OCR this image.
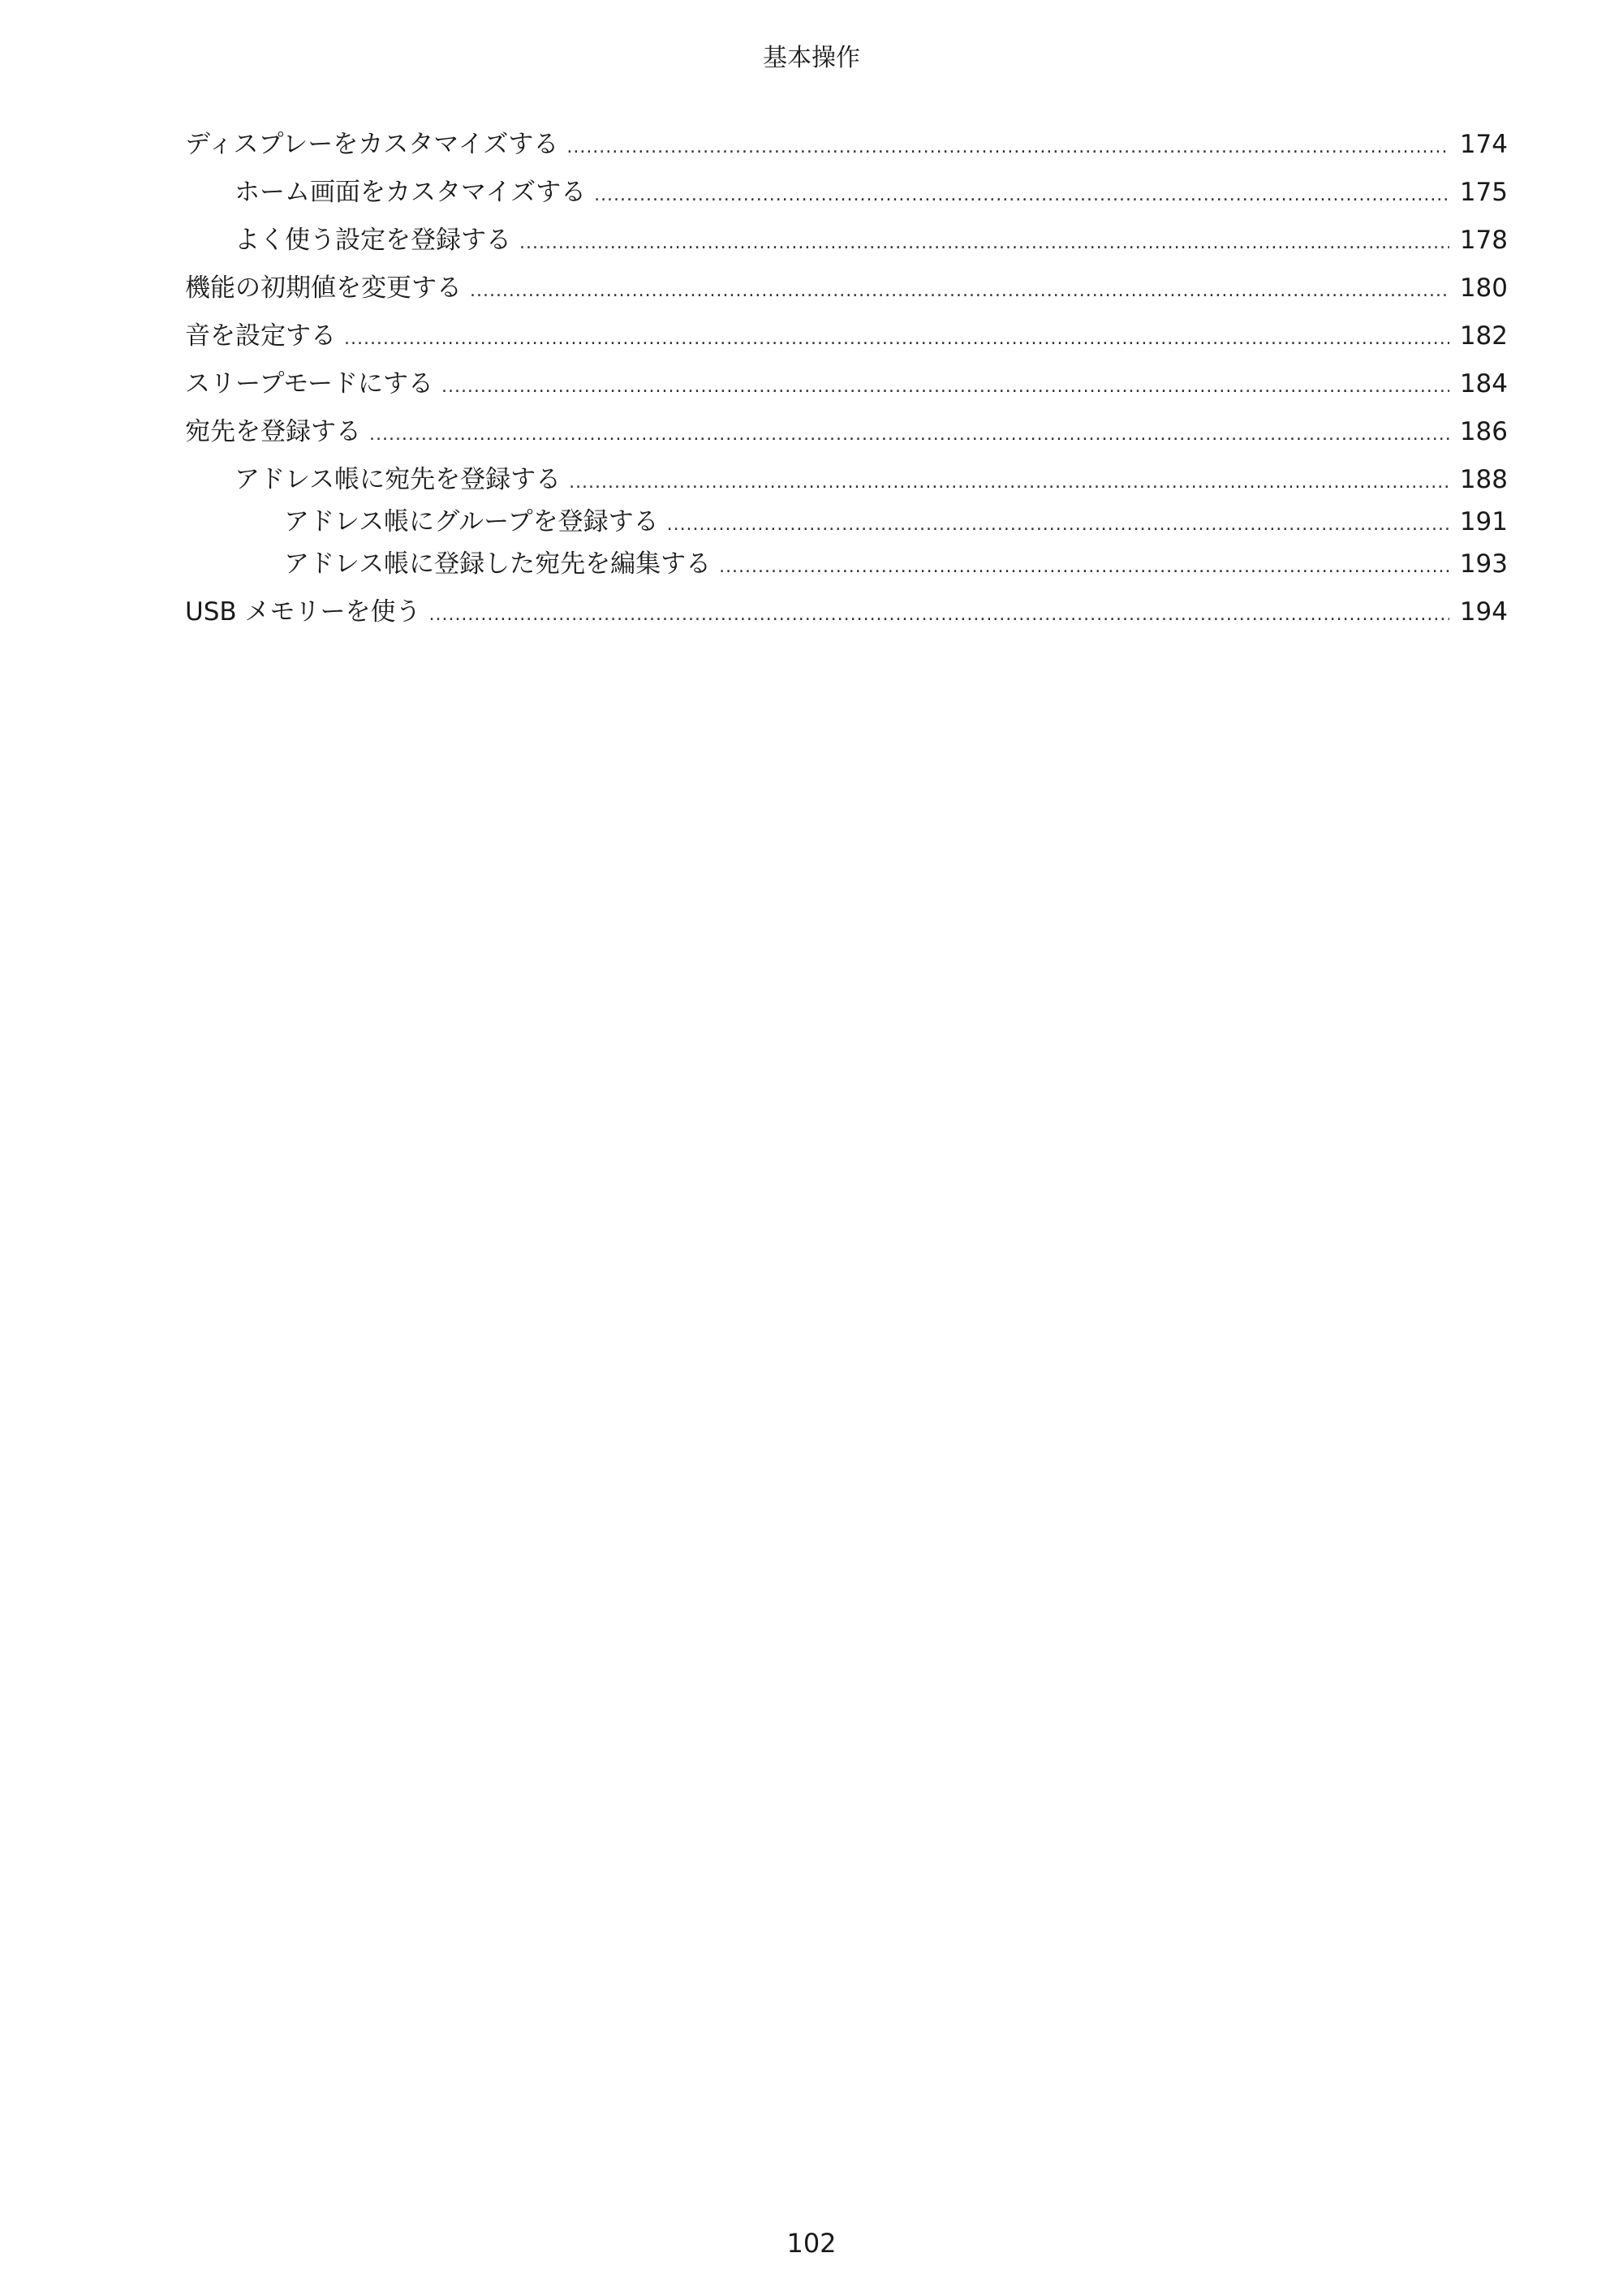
基本操作
ディスプレーをカスタマイズする . . .	174
ホーム画面をカスタマイズする . . .	175
よく使う設定を登録する . . .	178
機能の初期値を変更する . . .	180
音を設定する . . .	182
スリープモードにする . . .	184
宛先を登録する . . .	186
アドレス帳に宛先を登録する . . .	188
アドレス帳にグループを登録する . . .	191
アドレス帳に登録した宛先を編集する . . .	193
USB メモリーを使う . . .	194
102
